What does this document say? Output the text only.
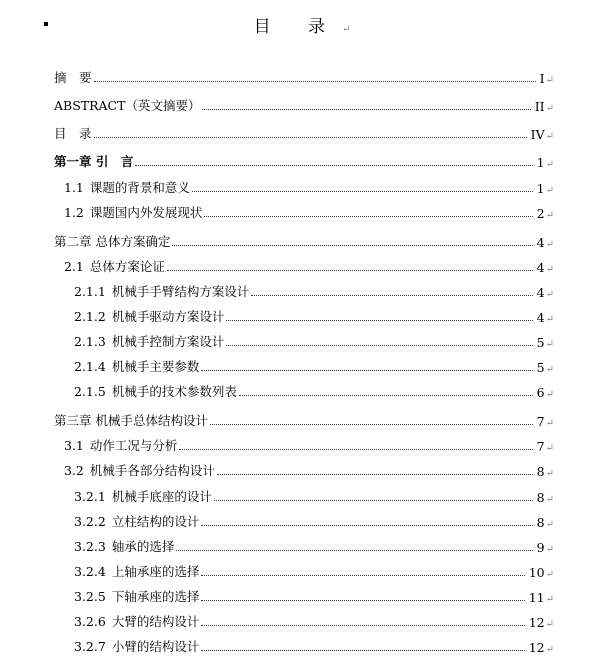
目 录↵
摘　要	I ↵
ABSTRACT（英文摘要）	II ↵
目　录	IV ↵
第一章 引　言	1 ↵
1.1 课题的背景和意义	1 ↵
1.2 课题国内外发展现状	2 ↵
第二章 总体方案确定	4 ↵
2.1 总体方案论证	4 ↵
2.1.1 机械手手臂结构方案设计	4 ↵
2.1.2 机械手驱动方案设计	4 ↵
2.1.3 机械手控制方案设计	5 ↵
2.1.4 机械手主要参数	5 ↵
2.1.5 机械手的技术参数列表	6 ↵
第三章 机械手总体结构设计	7 ↵
3.1 动作工况与分析	7 ↵
3.2 机械手各部分结构设计	8 ↵
3.2.1 机械手底座的设计	8 ↵
3.2.2 立柱结构的设计	8 ↵
3.2.3 轴承的选择	9 ↵
3.2.4 上轴承座的选择	10 ↵
3.2.5 下轴承座的选择	11 ↵
3.2.6 大臂的结构设计	12 ↵
3.2.7 小臂的结构设计	12 ↵
